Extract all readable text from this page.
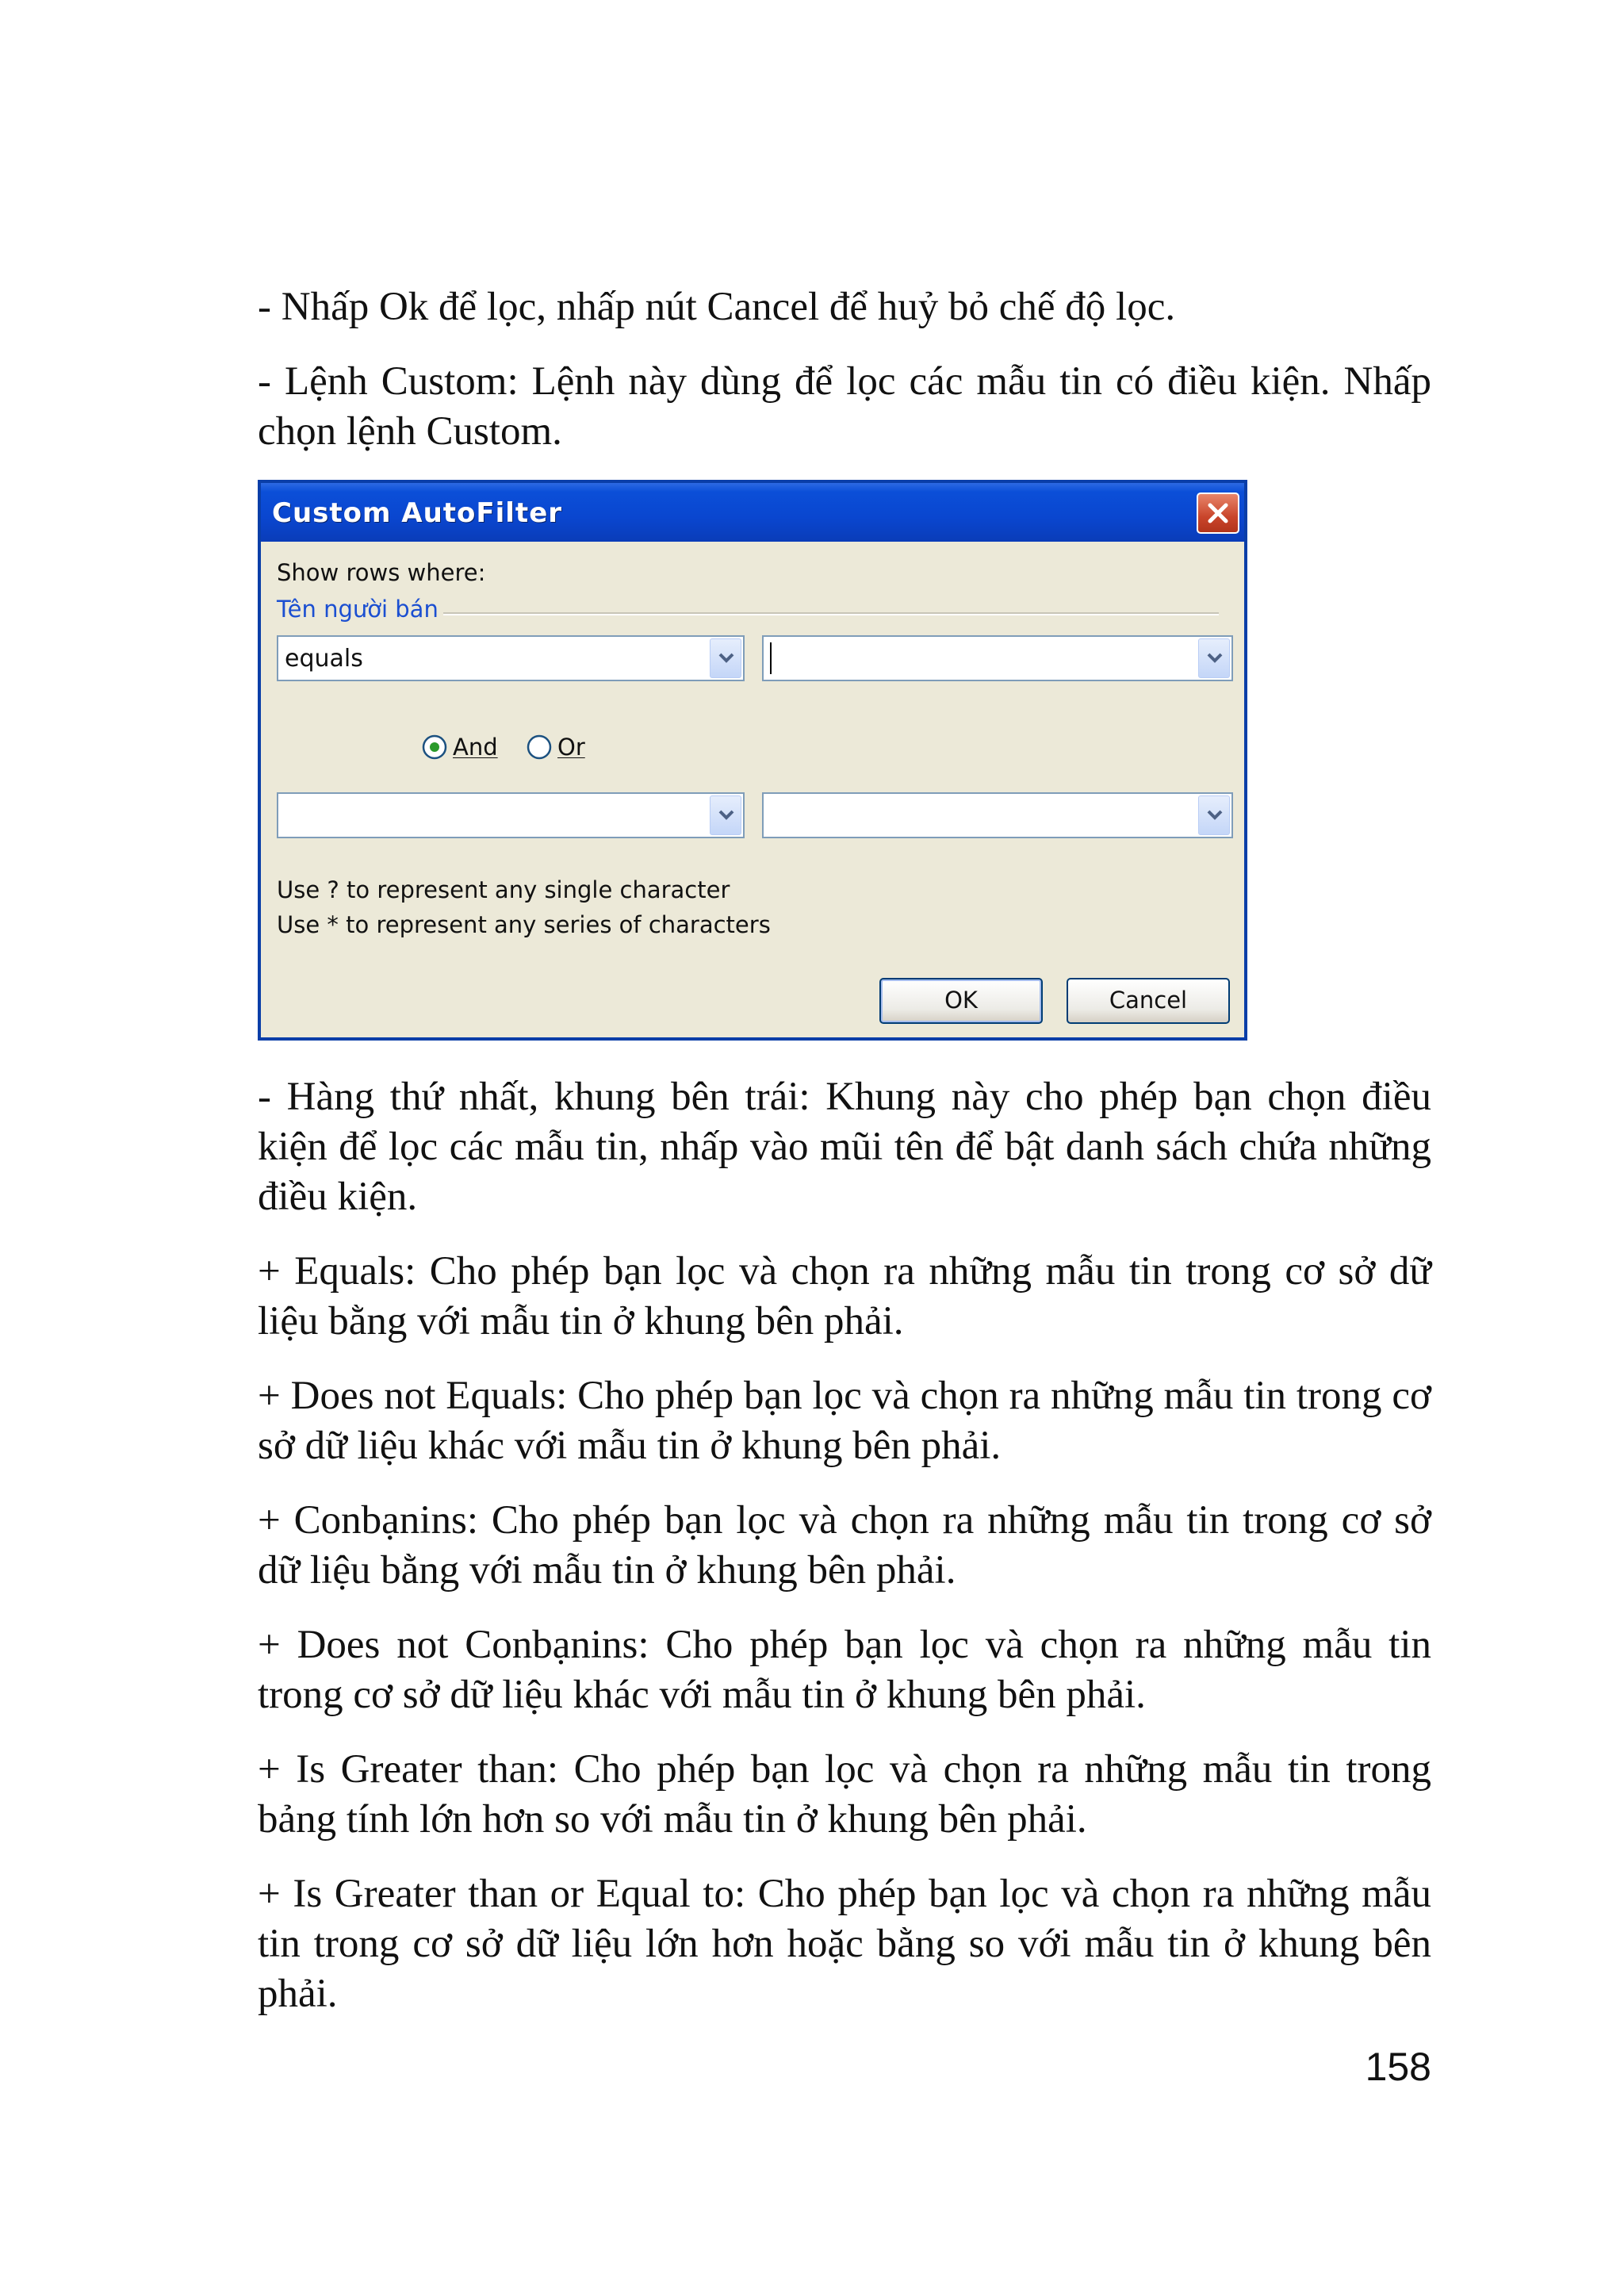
- Nhấp Ok để lọc, nhấp nút Cancel để huỷ bỏ chế độ lọc.

- Lệnh Custom: Lệnh này dùng để lọc các mẫu tin có điều kiện. Nhấp chọn lệnh Custom.

Custom AutoFilter
Show rows where:
Tên người bán
equals
And	Or
Use ? to represent any single character
Use * to represent any series of characters
OK	Cancel

- Hàng thứ nhất, khung bên trái: Khung này cho phép bạn chọn điều kiện để lọc các mẫu tin, nhấp vào mũi tên để bật danh sách chứa những điều kiện.

+ Equals: Cho phép bạn lọc và chọn ra những mẫu tin trong cơ sở dữ liệu bằng với mẫu tin ở khung bên phải.

+ Does not Equals: Cho phép bạn lọc và chọn ra những mẫu tin trong cơ sở dữ liệu khác với mẫu tin ở khung bên phải.

+ Conbạnins: Cho phép bạn lọc và chọn ra những mẫu tin trong cơ sở dữ liệu bằng với mẫu tin ở khung bên phải.

+ Does not Conbạnins: Cho phép bạn lọc và chọn ra những mẫu tin trong cơ sở dữ liệu khác với mẫu tin ở khung bên phải.

+ Is Greater than: Cho phép bạn lọc và chọn ra những mẫu tin trong bảng tính lớn hơn so với mẫu tin ở khung bên phải.

+ Is Greater than or Equal to: Cho phép bạn lọc và chọn ra những mẫu tin trong cơ sở dữ liệu lớn hơn hoặc bằng so với mẫu tin ở khung bên phải.

158
